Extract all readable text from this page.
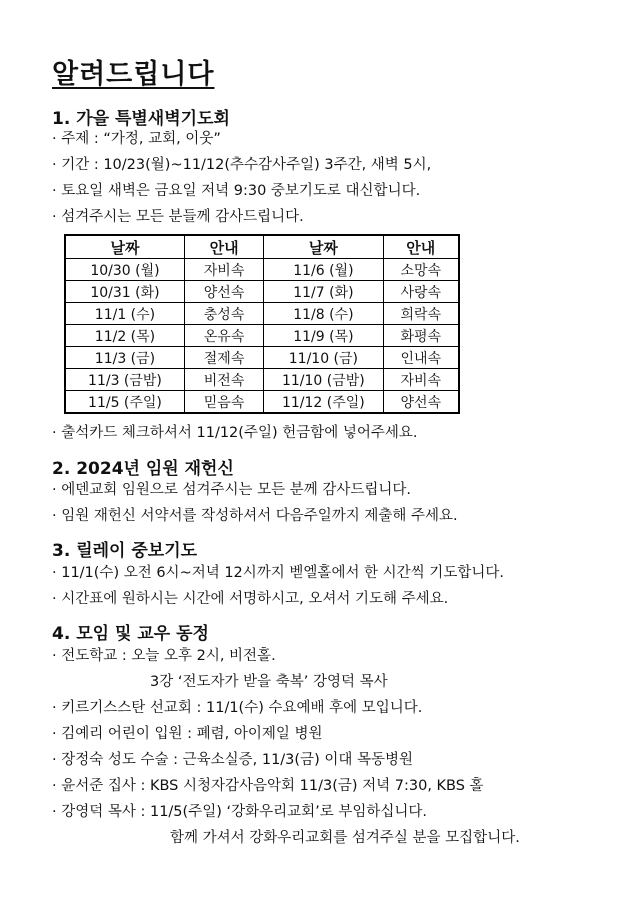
알려드립니다

1. 가을 특별새벽기도회

· 주제 : “가정, 교회, 이웃”

· 기간 : 10/23(월)~11/12(추수감사주일) 3주간, 새벽 5시,

· 토요일 새벽은 금요일 저녁 9:30 중보기도로 대신합니다.

· 섬겨주시는 모든 분들께 감사드립니다.

날짜	안내	날짜	안내
10/30 (월)	자비속	11/6 (월)	소망속
10/31 (화)	양선속	11/7 (화)	사랑속
11/1 (수)	충성속	11/8 (수)	희락속
11/2 (목)	온유속	11/9 (목)	화평속
11/3 (금)	절제속	11/10 (금)	인내속
11/3 (금밤)	비전속	11/10 (금밤)	자비속
11/5 (주일)	믿음속	11/12 (주일)	양선속

· 출석카드 체크하셔서 11/12(주일) 헌금함에 넣어주세요.

2. 2024년 임원 재헌신

· 에덴교회 임원으로 섬겨주시는 모든 분께 감사드립니다.

· 임원 재헌신 서약서를 작성하셔서 다음주일까지 제출해 주세요.

3. 릴레이 중보기도

· 11/1(수) 오전 6시~저녁 12시까지 벧엘홀에서 한 시간씩 기도합니다.

· 시간표에 원하시는 시간에 서명하시고, 오셔서 기도해 주세요.

4. 모임 및 교우 동정

· 전도학교 : 오늘 오후 2시, 비전홀.

3강 ‘전도자가 받을 축복’ 강영덕 목사

· 키르기스스탄 선교회 : 11/1(수) 수요예배 후에 모입니다.

· 김예리 어린이 입원 : 폐렴, 아이제일 병원

· 장정숙 성도 수술 : 근육소실증, 11/3(금) 이대 목동병원

· 윤서준 집사 : KBS 시청자감사음악회 11/3(금) 저녁 7:30, KBS 홀

· 강영덕 목사 : 11/5(주일) ‘강화우리교회’로 부임하십니다.

함께 가셔서 강화우리교회를 섬겨주실 분을 모집합니다.
